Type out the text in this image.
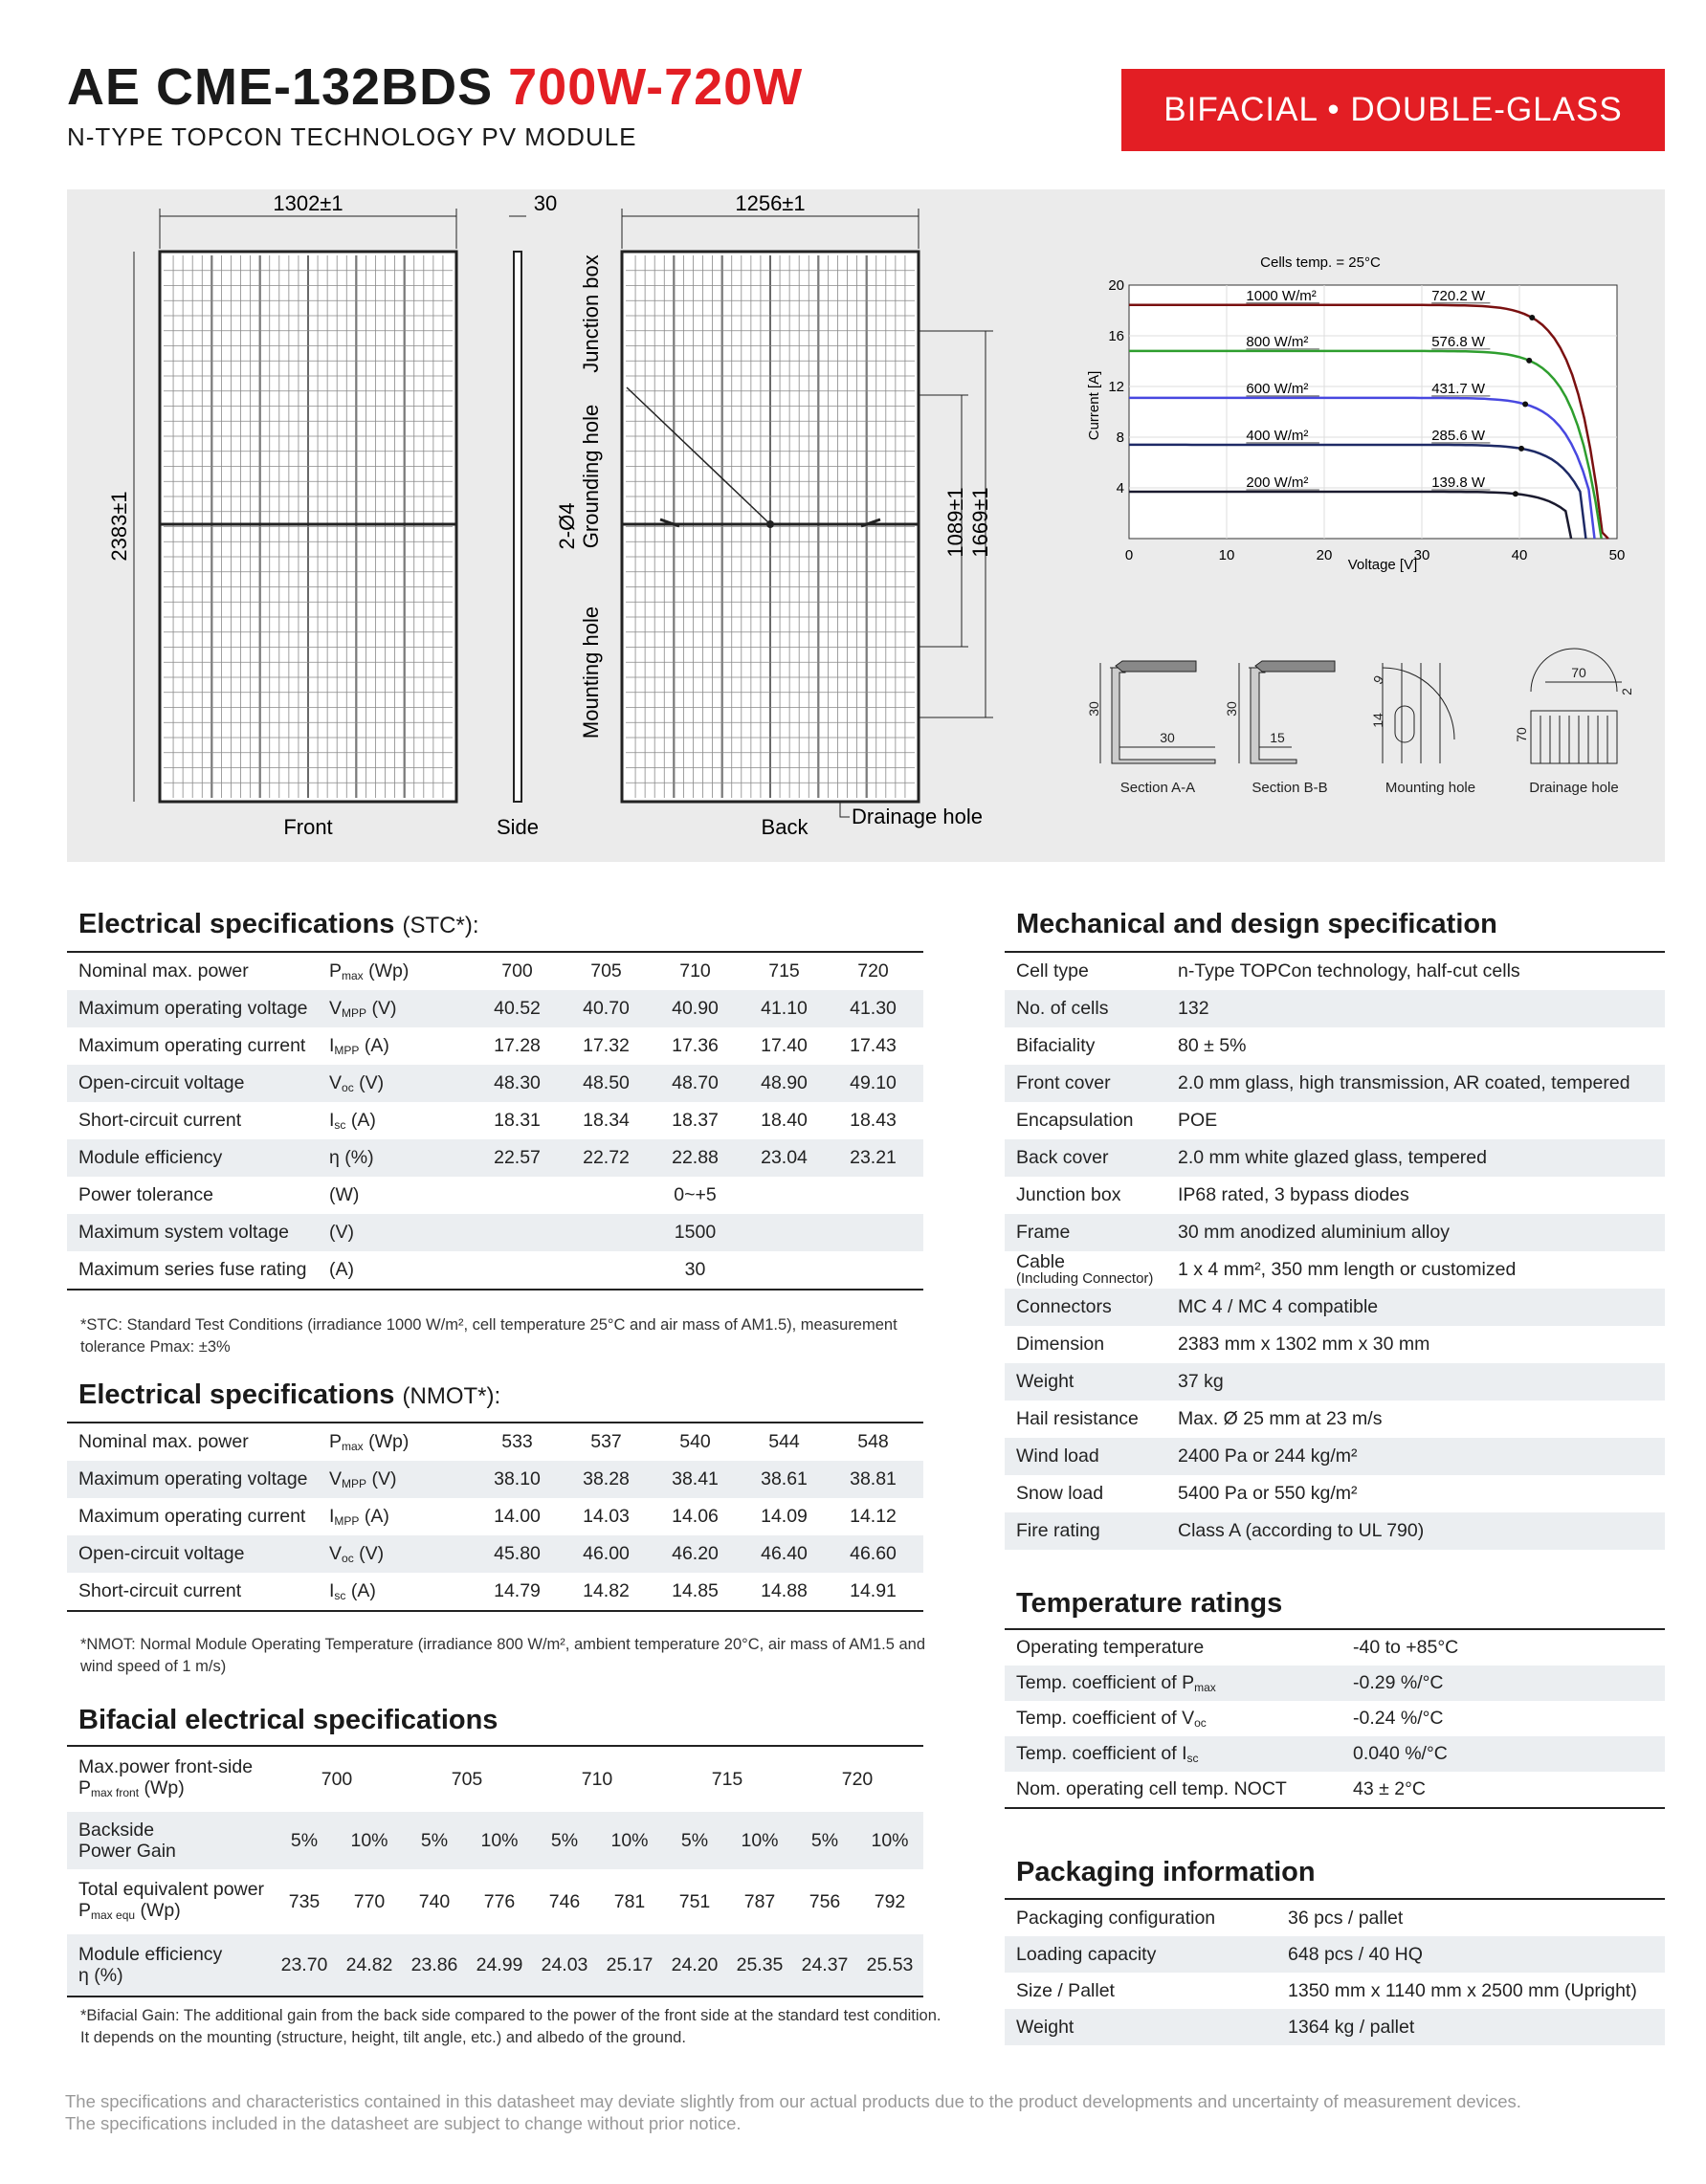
AE CME-132BDS 700W-720W
N-TYPE TOPCON TECHNOLOGY PV MODULE
BIFACIAL • DOUBLE-GLASS
1302±1
2383±1
Front
30
Side
1256±1
1089±1 1669±1
Junction box
Grounding hole
2-Ø4
Mounting hole
Back Drainage hole
Cells temp. = 25°C
Voltage [V]
Current [A]
0	10	20	30	40	50
4
8
12
16
20
1000 W/m²	720.2 W
800 W/m²	576.8 W
600 W/m²	431.7 W
400 W/m²	285.6 W
200 W/m²	139.8 W
30
30
30
15
14
9	70
70
2
Section A-A	Section B-B	Mounting hole	Drainage hole
Electrical specifications (STC*):
Nominal max. power	$P_{max}$ (Wp)	700	705	710	715	720
Maximum operating voltage	$V_{MPP}$ (V)	40.52	40.70	40.90	41.10	41.30
Maximum operating current	$I_{MPP}$ (A)	17.28	17.32	17.36	17.40	17.43
Open-circuit voltage	$V_{oc}$ (V)	48.30	48.50	48.70	48.90	49.10
Short-circuit current	$I_{sc}$ (A)	18.31	18.34	18.37	18.40	18.43
Module efficiency	η (%)	22.57	22.72	22.88	23.04	23.21
Power tolerance	(W)	0~+5
Maximum system voltage	(V)	1500
Maximum series fuse rating	(A)	30
*STC: Standard Test Conditions (irradiance 1000 W/m², cell temperature 25°C and air mass of AM1.5), measurement tolerance Pmax: ±3%
Electrical specifications (NMOT*):
Nominal max. power	$P_{max}$ (Wp)	533	537	540	544	548
Maximum operating voltage	$V_{MPP}$ (V)	38.10	38.28	38.41	38.61	38.81
Maximum operating current	$I_{MPP}$ (A)	14.00	14.03	14.06	14.09	14.12
Open-circuit voltage	$V_{oc}$ (V)	45.80	46.00	46.20	46.40	46.60
Short-circuit current	$I_{sc}$ (A)	14.79	14.82	14.85	14.88	14.91
*NMOT: Normal Module Operating Temperature (irradiance 800 W/m², ambient temperature 20°C, air mass of AM1.5 and wind speed of 1 m/s)
Bifacial electrical specifications
Max.power front-side
$P_{max front}$ (Wp)	700	705	710	715	720
Backside
Power Gain
5%	10%	5%	10%	5%	10%	5%	10%	5%	10%
Total equivalent power
$P_{max equ}$ (Wp)	735	770	740	776	746	781	751	787	756	792
Module efficiency
η (%)
23.70 24.82 23.86 24.99 24.03 25.17 24.20 25.35 24.37 25.53
*Bifacial Gain: The additional gain from the back side compared to the power of the front side at the standard test condition. It depends on the mounting (structure, height, tilt angle, etc.) and albedo of the ground.
Mechanical and design specification
Cell type	n-Type TOPCon technology, half-cut cells
No. of cells	132
Bifaciality	80 ± 5%
Front cover	2.0 mm glass, high transmission, AR coated, tempered
Encapsulation	POE
Back cover	2.0 mm white glazed glass, tempered
Junction box	IP68 rated, 3 bypass diodes
Frame	30 mm anodized aluminium alloy
Cable
(Including Connector)	1 x 4 mm², 350 mm length or customized
Connectors	MC 4 / MC 4 compatible
Dimension	2383 mm x 1302 mm x 30 mm
Weight	37 kg
Hail resistance	Max. Ø 25 mm at 23 m/s
Wind load	2400 Pa or 244 kg/m²
Snow load	5400 Pa or 550 kg/m²
Fire rating	Class A (according to UL 790)
Temperature ratings
Operating temperature	-40 to +85°C
Temp. coefficient of $P_{max}$	-0.29 %/°C
Temp. coefficient of $V_{oc}$	-0.24 %/°C
Temp. coefficient of $I_{sc}$	0.040 %/°C
Nom. operating cell temp. NOCT	43 ± 2°C
Packaging information
Packaging configuration	36 pcs / pallet
Loading capacity	648 pcs / 40 HQ
Size / Pallet	1350 mm x 1140 mm x 2500 mm (Upright)
Weight	1364 kg / pallet
The specifications and characteristics contained in this datasheet may deviate slightly from our actual products due to the product developments and uncertainty of measurement devices.
The specifications included in the datasheet are subject to change without prior notice.
